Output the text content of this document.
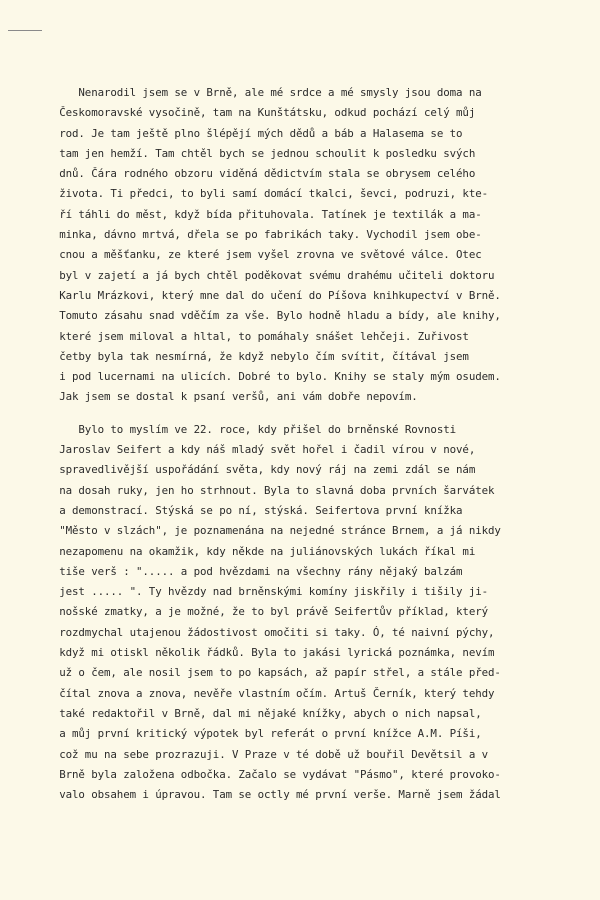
Nenarodil jsem se v Brně, ale mé srdce a mé smysly jsou doma na
Českomoravské vysočině, tam na Kunštátsku, odkud pochází celý můj
rod. Je tam ještě plno šlépějí mých dědů a báb a Halasema se to
tam jen hemží. Tam chtěl bych se jednou schoulit k posledku svých
dnů. Čára rodného obzoru viděná dědictvím stala se obrysem celého
života. Ti předci, to byli samí domácí tkalci, ševci, podruzi, kte-
ří táhli do měst, když bída přituhovala. Tatínek je textilák a ma-
minka, dávno mrtvá, dřela se po fabrikách taky. Vychodil jsem obe-
cnou a měšťanku, ze které jsem vyšel zrovna ve světové válce. Otec
byl v zajetí a já bych chtěl poděkovat svému drahému učiteli doktoru
Karlu Mrázkovi, který mne dal do učení do Píšova knihkupectví v Brně.
Tomuto zásahu snad vděčím za vše. Bylo hodně hladu a bídy, ale knihy,
které jsem miloval a hltal, to pomáhaly snášet lehčeji. Zuřivost
četby byla tak nesmírná, že když nebylo čím svítit, čítával jsem
i pod lucernami na ulicích. Dobré to bylo. Knihy se staly mým osudem.
Jak jsem se dostal k psaní veršů, ani vám dobře nepovím.
Bylo to myslím ve 22. roce, kdy přišel do brněnské Rovnosti
Jaroslav Seifert a kdy náš mladý svět hořel i čadil vírou v nové,
spravedlivější uspořádání světa, kdy nový ráj na zemi zdál se nám
na dosah ruky, jen ho strhnout. Byla to slavná doba prvních šarvátek
a demonstrací. Stýská se po ní, stýská. Seifertova první knížka
"Město v slzách", je poznamenána na nejedné stránce Brnem, a já nikdy
nezapomenu na okamžik, kdy někde na juliánovských lukách říkal mi
tiše verš : "..... a pod hvězdami na všechny rány nějaký balzám
jest ..... ". Ty hvězdy nad brněnskými komíny jiskřily i tišily ji-
nošské zmatky, a je možné, že to byl právě Seifertův příklad, který
rozdmychal utajenou žádostivost omočiti si taky. Ó, té naivní pýchy,
když mi otiskl několik řádků. Byla to jakási lyrická poznámka, nevím
už o čem, ale nosil jsem to po kapsách, až papír střel, a stále před-
čítal znova a znova, nevěře vlastním očím. Artuš Černík, který tehdy
také redaktořil v Brně, dal mi nějaké knížky, abych o nich napsal,
a můj první kritický výpotek byl referát o první knížce A.M. Píši,
což mu na sebe prozrazuji. V Praze v té době už bouřil Devětsil a v
Brně byla založena odbočka. Začalo se vydávat "Pásmo", které provoko-
valo obsahem i úpravou. Tam se octly mé první verše. Marně jsem žádal
